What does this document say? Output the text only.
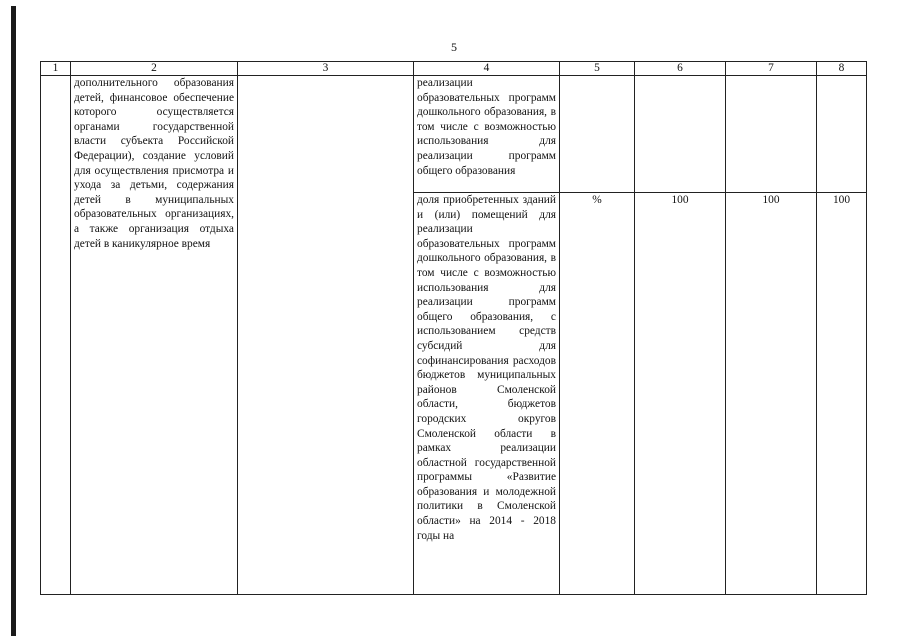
5
1	2	3	4	5	6	7	8
	дополнительного образования детей, финансовое обеспечение которого осуществляется органами государственной власти субъекта Российской Федерации), создание условий для осуществления присмотра и ухода за детьми, содержания детей в муниципальных образовательных организациях, а также организация отдыха детей в каникулярное время		реализации образовательных программ дошкольного образования, в том числе с возможностью использования для реализации программ общего образования				
			доля приобретенных зданий и (или) помещений для реализации образовательных программ дошкольного образования, в том числе с возможностью использования для реализации программ общего образования, с использованием средств субсидий для софинансирования расходов бюджетов муниципальных районов Смоленской области, бюджетов городских округов Смоленской области в рамках реализации областной государственной программы «Развитие образования и молодежной политики в Смоленской области» на 2014 - 2018 годы на	%	100	100	100
